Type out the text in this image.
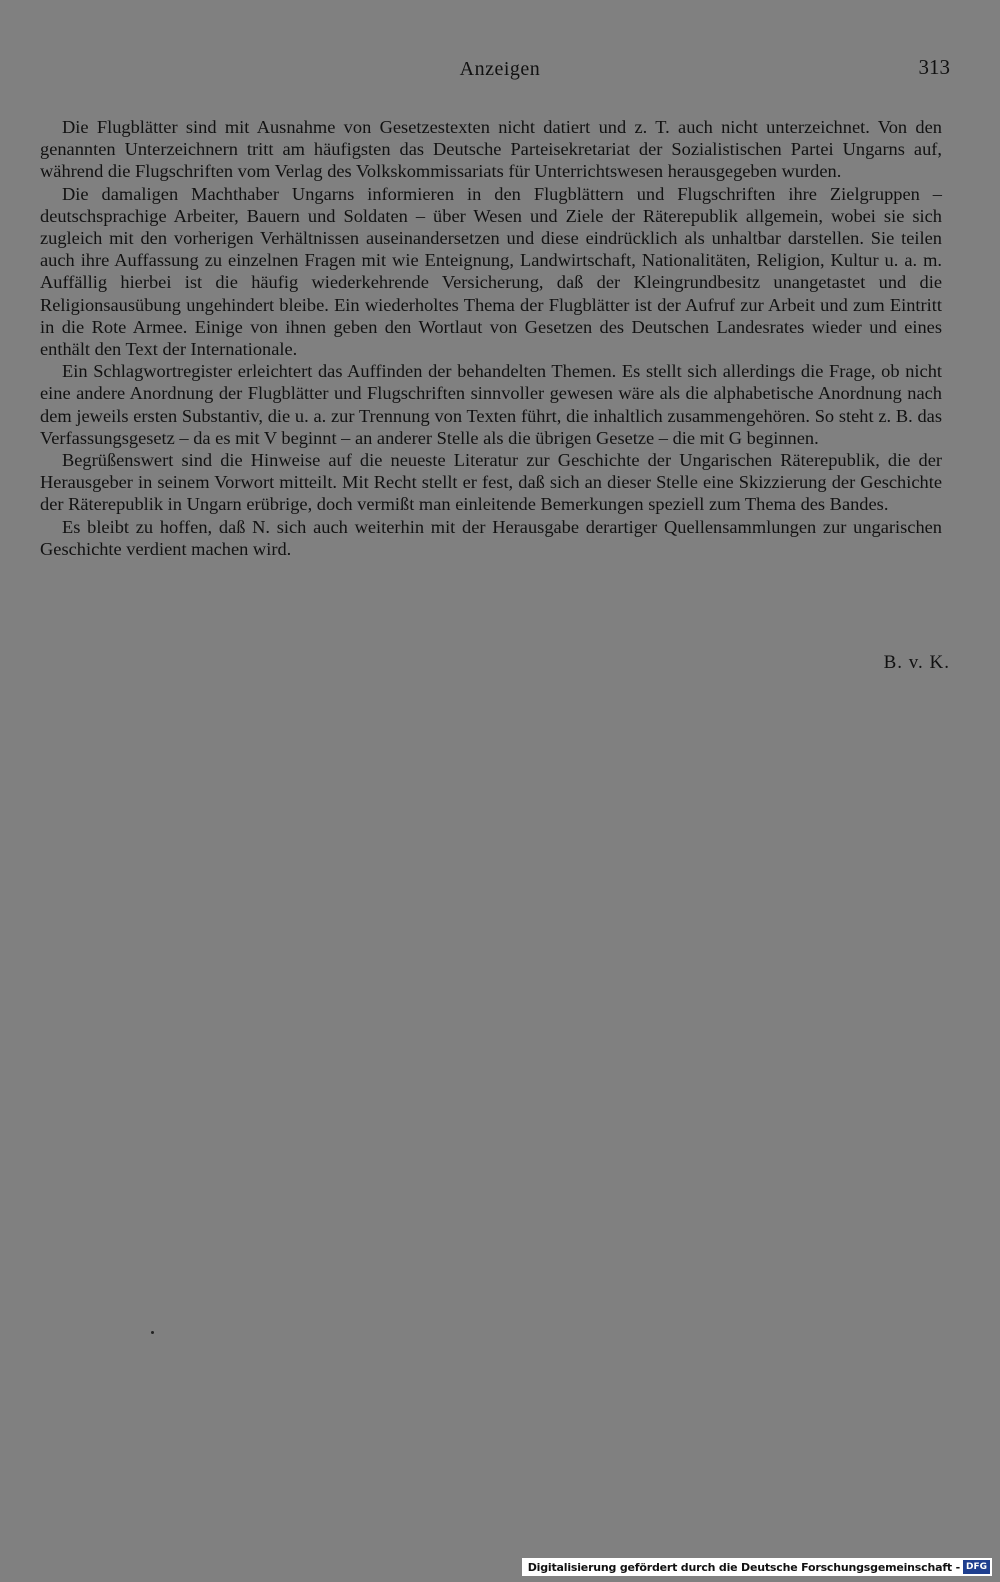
Anzeigen	313

Die Flugblätter sind mit Ausnahme von Gesetzestexten nicht datiert und z. T. auch nicht unterzeichnet. Von den genannten Unterzeichnern tritt am häufigsten das Deutsche Parteisekretariat der Sozialistischen Partei Ungarns auf, während die Flugschriften vom Verlag des Volkskommissariats für Unterrichtswesen herausgegeben wurden.

Die damaligen Machthaber Ungarns informieren in den Flugblättern und Flugschriften ihre Zielgruppen – deutschsprachige Arbeiter, Bauern und Soldaten – über Wesen und Ziele der Räterepublik allgemein, wobei sie sich zugleich mit den vorherigen Verhältnissen auseinandersetzen und diese eindrücklich als unhaltbar darstellen. Sie teilen auch ihre Auffassung zu einzelnen Fragen mit wie Enteignung, Landwirtschaft, Nationalitäten, Religion, Kultur u. a. m. Auffällig hierbei ist die häufig wiederkehrende Versicherung, daß der Kleingrundbesitz unangetastet und die Religionsausübung ungehindert bleibe. Ein wiederholtes Thema der Flugblätter ist der Aufruf zur Arbeit und zum Eintritt in die Rote Armee. Einige von ihnen geben den Wortlaut von Gesetzen des Deutschen Landesrates wieder und eines enthält den Text der Internationale.

Ein Schlagwortregister erleichtert das Auffinden der behandelten Themen. Es stellt sich allerdings die Frage, ob nicht eine andere Anordnung der Flugblätter und Flugschriften sinnvoller gewesen wäre als die alphabetische Anordnung nach dem jeweils ersten Substantiv, die u. a. zur Trennung von Texten führt, die inhaltlich zusammengehören. So steht z. B. das Verfassungsgesetz – da es mit V beginnt – an anderer Stelle als die übrigen Gesetze – die mit G beginnen.

Begrüßenswert sind die Hinweise auf die neueste Literatur zur Geschichte der Ungarischen Räterepublik, die der Herausgeber in seinem Vorwort mitteilt. Mit Recht stellt er fest, daß sich an dieser Stelle eine Skizzierung der Geschichte der Räterepublik in Ungarn erübrige, doch vermißt man einleitende Bemerkungen speziell zum Thema des Bandes.

Es bleibt zu hoffen, daß N. sich auch weiterhin mit der Herausgabe derartiger Quellensammlungen zur ungarischen Geschichte verdient machen wird.

B. v. K.
Digitalisierung gefördert durch die Deutsche Forschungsgemeinschaft - DFG
